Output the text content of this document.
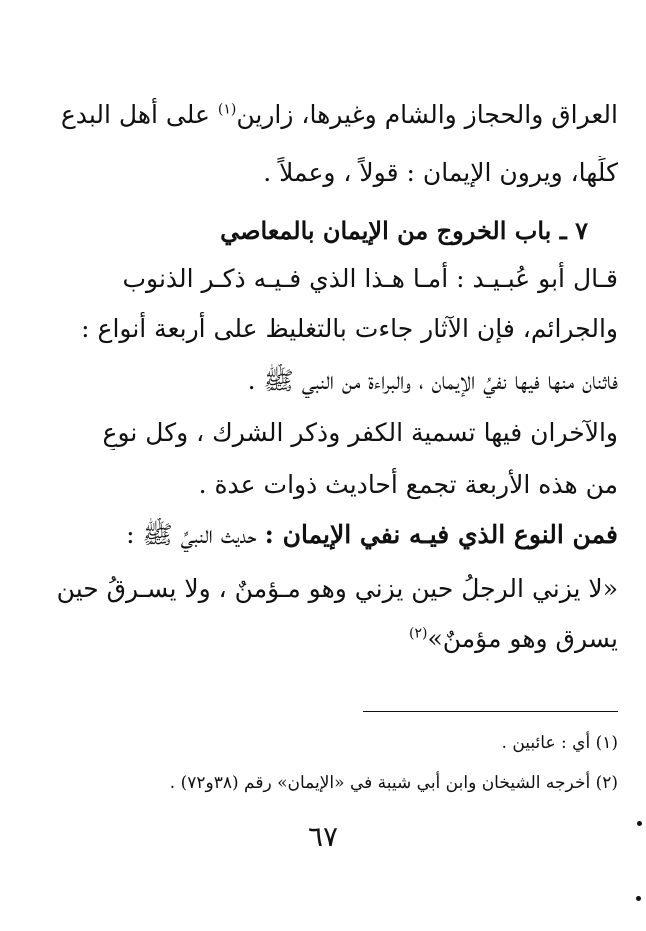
العراق والحجاز والشام وغيرها، زارين$^{(١)}$ على أهل البدع
كلِّها، ويرون الإيمان : قولاً ، وعملاً .
٧ ـ باب الخروج من الإيمان بالمعاصي
قـال أبو عُبـيـد : أمـا هـذا الذي فـيـه ذكـر الذنوب
والجرائم، فإن الآثار جاءت بالتغليظ على أربعة أنواع :
فاثنان منها فيها نفيُ الإيمان ، والبراءة من النبي ﷺ .
والآخران فيها تسمية الكفر وذكر الشرك ، وكل نوعٍ
من هذه الأربعة تجمع أحاديث ذوات عدة .
فمن النوع الذي فيـه نفي الإيمان : حديث النبيِّ ﷺ :
«لا يزني الرجلُ حين يزني وهو مـؤمنٌ ، ولا يسـرقُ حين
يسرق وهو مؤمنٌ»$^{(٢)}$
(١) أي : عائبين .
(٢) أخرجه الشيخان وابن أبي شيبة في «الإيمان» رقم (٣٨و٧٢) .
٦٧
